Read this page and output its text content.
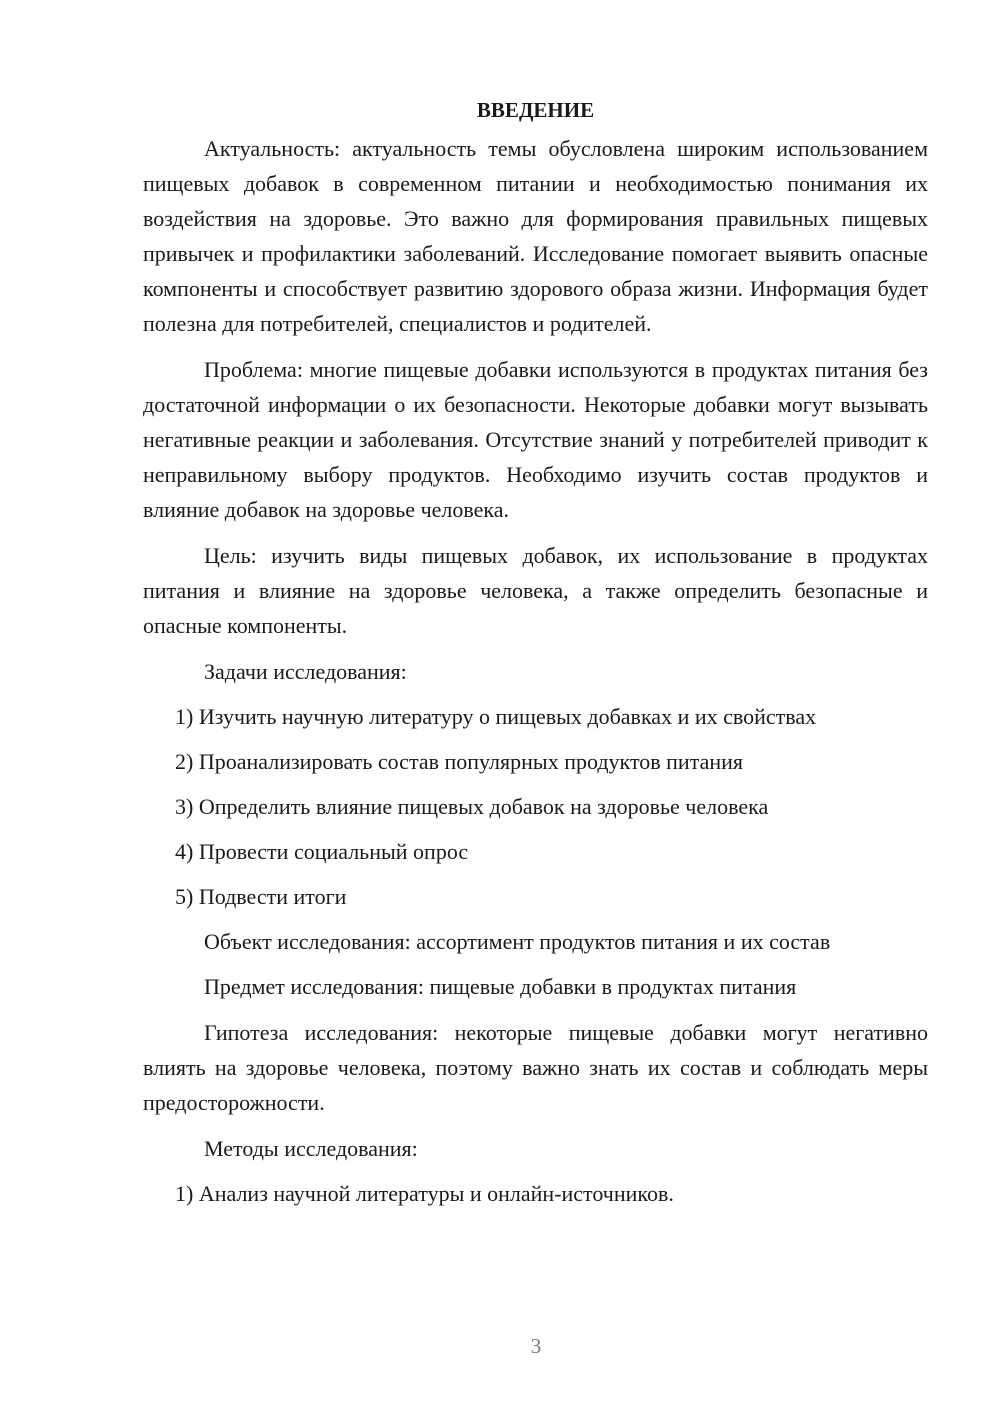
ВВЕДЕНИЕ

Актуальность: актуальность темы обусловлена широким использованием пищевых добавок в современном питании и необходимостью понимания их воздействия на здоровье. Это важно для формирования правильных пищевых привычек и профилактики заболеваний. Исследование помогает выявить опасные компоненты и способствует развитию здорового образа жизни. Информация будет полезна для потребителей, специалистов и родителей.

Проблема: многие пищевые добавки используются в продуктах питания без достаточной информации о их безопасности. Некоторые добавки могут вызывать негативные реакции и заболевания. Отсутствие знаний у потребителей приводит к неправильному выбору продуктов. Необходимо изучить состав продуктов и влияние добавок на здоровье человека.

Цель: изучить виды пищевых добавок, их использование в продуктах питания и влияние на здоровье человека, а также определить безопасные и опасные компоненты.

Задачи исследования:

1) Изучить научную литературу о пищевых добавках и их свойствах

2) Проанализировать состав популярных продуктов питания

3) Определить влияние пищевых добавок на здоровье человека

4) Провести социальный опрос

5) Подвести итоги

Объект исследования: ассортимент продуктов питания и их состав

Предмет исследования: пищевые добавки в продуктах питания

Гипотеза исследования: некоторые пищевые добавки могут негативно влиять на здоровье человека, поэтому важно знать их состав и соблюдать меры предосторожности.

Методы исследования:

1) Анализ научной литературы и онлайн-источников.

3
